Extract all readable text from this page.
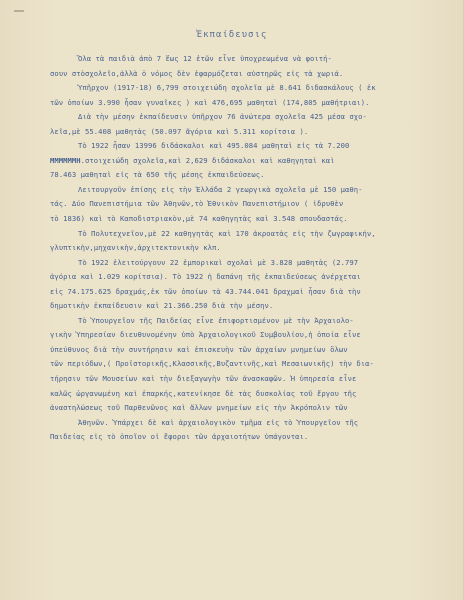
Ἐκπαίδευσις
Ὅλα τὰ παιδιὰ ἀπὸ 7 ἕως 12 ἐτῶν εἶνε ὑποχρεωμένα νὰ φοιτή-
σουν στὸσχολεῖο,ἀλλὰ ὁ νόμος δὲν ἐφαρμόζεται αὐστηρῶς εἰς τὰ χωριά.
Ὑπῆρχον (1917-18) 6,799 στοιχειώδη σχολεῖα μὲ 8.641 διδασκάλους ( ἐκ
τῶν ὁποίων 3.990 ἦσαν γυναῖκες ) καὶ 476,695 μαθηταὶ (174,805 μαθήτριαι).
Διὰ τὴν μέσην ἐκπαίδευσιν ὑπῆρχον 76 ἀνώτερα σχολεῖα 425 μέσα σχο-
λεῖα,μὲ 55.408 μαθητὰς (50.097 ἄγόρια καὶ 5.311 κορίτσια ).
Τὸ 1922 ἦσαν 13996 διδάσκαλοι καὶ 495.084 μαθηταὶ εἰς τὰ 7.200
ΜΜΜΜΜΜΗ.στοιχειώδη σχολεῖα,καὶ 2,629 διδάσκαλοι καὶ καθηγηταὶ καὶ
78.463 μαθηταὶ εἰς τὰ 650 τῆς μέσης ἐκπαιδεύσεως.
Λειτουργοῦν ἐπίσης εἰς τὴν Ἑλλάδα 2 γεωργικὰ σχολεῖα μὲ 150 μαθη-
τάς. Δύο Πανεπιστήμια τῶν Ἀθηνῶν,τὸ Ἐθνικὸν Πανεπιστήμιον ( ἱδρυθὲν
τὸ 1836) καὶ τὸ Καποδιστριακὸν,μὲ 74 καθηγητὰς καὶ 3.548 σπουδαστάς.
Τὸ Πολυτεχνεῖον,μὲ 22 καθηγητὰς καὶ 170 ἀκροατὰς εἰς τὴν ζωγραφικήν,
γλυπτικὴν,μηχανικὴν,ἀρχιτεκτονικὴν κλπ.
Τὸ 1922 ἐλειτούργουν 22 ἐμπορικαὶ σχολαὶ μὲ 3.828 μαθητὰς (2.797
ἀγόρια καὶ 1.029 κορίτσια). Τὸ 1922 ἡ δαπάνη τῆς ἐκπαιδεύσεως ἀνέρχεται
εἰς 74.175.625 δραχμάς,ἐκ τῶν ὁποίων τὰ 43.744.041 δραχμαὶ ἦσαν διὰ τὴν
δημοτικὴν ἐκπαίδευσιν καὶ 21.366.250 διὰ τὴν μέσην.
Τὸ Ὑπουργεῖον τῆς Παιδείας εἶνε ἐπιφορτισμένον μὲ τὴν Ἀρχαιολο-
γικὴν Ὑπηρεσίαν διευθυνομένην ὑπὸ Ἀρχαιολογικοῦ Συμβουλίου,ἡ ὁποία εἶνε
ὑπεύθυνος διὰ τὴν συντήρησιν καὶ ἐπισκευὴν τῶν ἀρχαίων μνημείων ὅλων
τῶν περιόδων,( Προϊστορικῆς,Κλασσικῆς,Βυζαντινῆς,καὶ Μεσαιωνικῆς) τὴν δια-
τήρησιν τῶν Μουσείων καὶ τὴν διεξαγωγὴν τῶν ἀνασκαφῶν. Ἡ ὑπηρεσία εἶνε
καλῶς ὠργανωμένη καὶ ἐπαρκής,κατενίκησε δὲ τὰς δυσκολίας τοῦ ἔργου τῆς
ἀναστηλώσεως τοῦ Παρθενῶνος καὶ ἄλλων μνημείων εἰς τὴν Ἀκρόπολιν τῶν
Ἀθηνῶν. Ὑπάρχει δὲ καὶ ἀρχαιολογικὸν τμῆμα εἰς τὸ Ὑπουργεῖον τῆς
Παιδείας εἰς τὸ ὁποῖον οἱ ἔφοροι τῶν ἀρχαιοτήτων ὑπάγονται.
